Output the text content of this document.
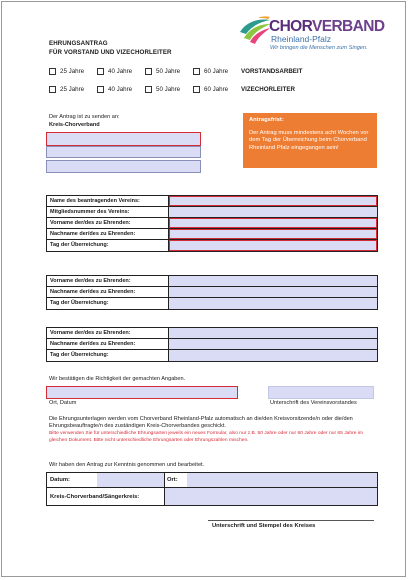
EHRUNGSANTRAG
FÜR VORSTAND UND VIZECHORLEITER
CHORVERBAND
Rheinland-Pfalz
Wir bringen die Menschen zum Singen.
25 Jahre	40 Jahre	50 Jahre	60 Jahre VORSTANDSARBEIT
25 Jahre	40 Jahre	50 Jahre	60 Jahre VIZECHORLEITER
Der Antrag ist zu senden an:
Kreis-Chorverband
Antragsfrist:
Der Antrag muss mindestens acht Wochen vor dem Tag der Überreichung beim Chorverband Rheinland Pfalz eingegangen sein!
Name des beantragenden Vereins:
Mitgliedsnummer des Vereins:
Vorname der/des zu Ehrenden:
Nachname der/des zu Ehrenden:
Tag der Überreichung:
Vorname der/des zu Ehrenden:
Nachname der/des zu Ehrenden:
Tag der Überreichung:
Vorname der/des zu Ehrenden:
Nachname der/des zu Ehrenden:
Tag der Überreichung:
Wir bestätigen die Richtigkeit der gemachten Angaben.
Ort, Datum	Unterschrift des Vereinsvorstandes
Die Ehrungsunterlagen werden vom Chorverband Rheinland-Pfalz automatisch an die/den Kreisvorsitzende/n oder die/den Ehrungsbeauftragte/n des zuständigen Kreis-Chorverbandes geschickt.
Bitte verwenden Sie für unterschiedliche Ehrungsarten jeweils ein neues Formular, also nur z.B. 50 Jahre oder nur 60 Jahre oder nur 65 Jahre im gleichen Dokument. Bitte nicht unterschiedliche Ehrungsarten oder Ehrungszahlen mischen.
Wir haben den Antrag zur Kenntnis genommen und bearbeitet.
Datum:	Ort:
Kreis-Chorverband/Sängerkreis:
Unterschrift und Stempel des Kreises
